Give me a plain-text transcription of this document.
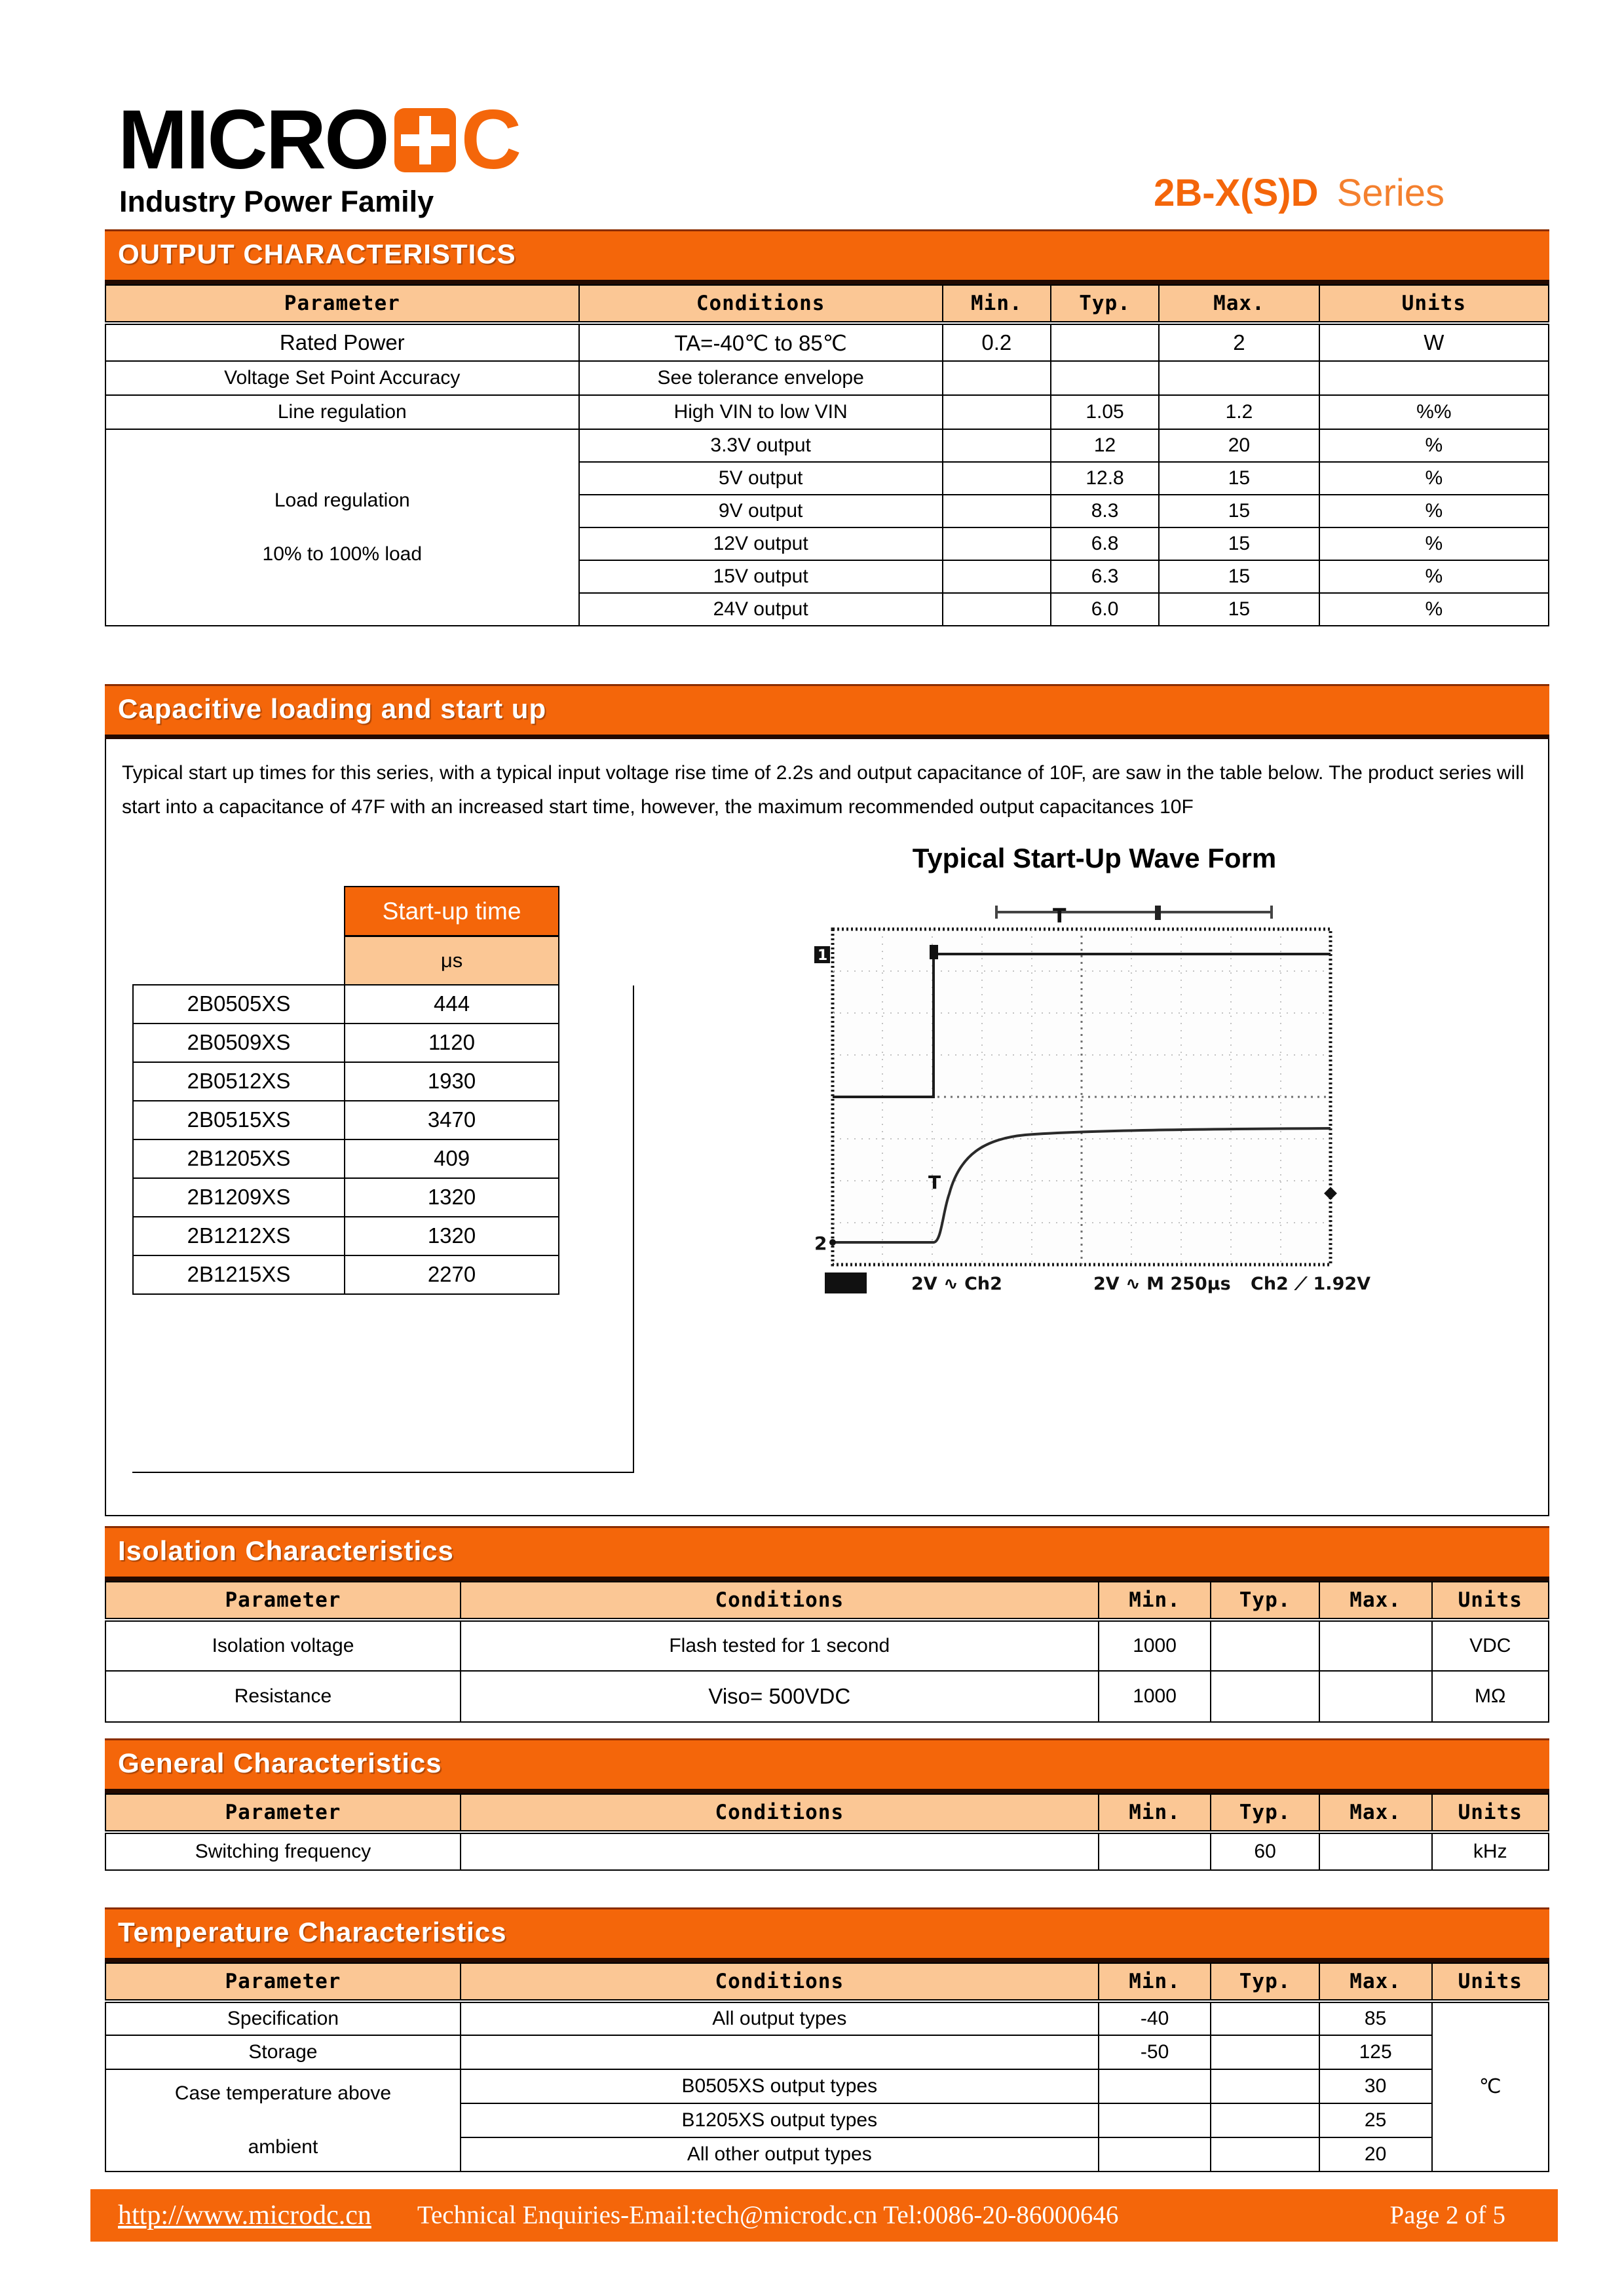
MICRO C
Industry Power Family	2B-X(S)D Series
OUTPUT CHARACTERISTICS
Parameter	Conditions	Min.	Typ.	Max.	Units
Rated Power	TA=-40℃ to 85℃	0.2		2	W
Voltage Set Point Accuracy	See tolerance envelope				
Line regulation	High VIN to low VIN		1.05	1.2	%%

Load regulation
10% to 100% load	3.3V output		12	20	%
	5V output		12.8	15	%
	9V output		8.3	15	%
	12V output		6.8	15	%
	15V output		6.3	15	%
	24V output		6.0	15	%
Capacitive loading and start up
Typical start up times for this series, with a typical input voltage rise time of 2.2s and output capacitance of 10F, are saw in the table below. The product series will start into a capacitance of 47F with an increased start time, however, the maximum recommended output capacitances 10F
	Start-up time
	μs
2B0505XS	444
2B0509XS	1120
2B0512XS	1930
2B0515XS	3470
2B1205XS	409
2B1209XS	1320
2B1212XS	1320
2B1215XS	2270
Typical Start-Up Wave Form
T
1
2
T	◆
2V ∿ Ch2	2V ∿ M 250μs Ch2 ⟋ 1.92V
Isolation Characteristics
Parameter	Conditions	Min.	Typ.	Max.	Units
Isolation voltage	Flash tested for 1 second	1000			VDC
Resistance	Viso= 500VDC	1000			MΩ
General Characteristics
Parameter	Conditions	Min.	Typ.	Max.	Units
Switching frequency			60		kHz
Temperature Characteristics
Parameter	Conditions	Min.	Typ.	Max.	Units
Specification	All output types	-40		85	℃
Storage		-50		125	

Case temperature above
ambient	B0505XS output types			30	
	B1205XS output types			25	
	All other output types			20	
http://www.microdc.cn Technical Enquiries-Email:tech@microdc.cn Tel:0086-20-86000646	Page 2 of 5
